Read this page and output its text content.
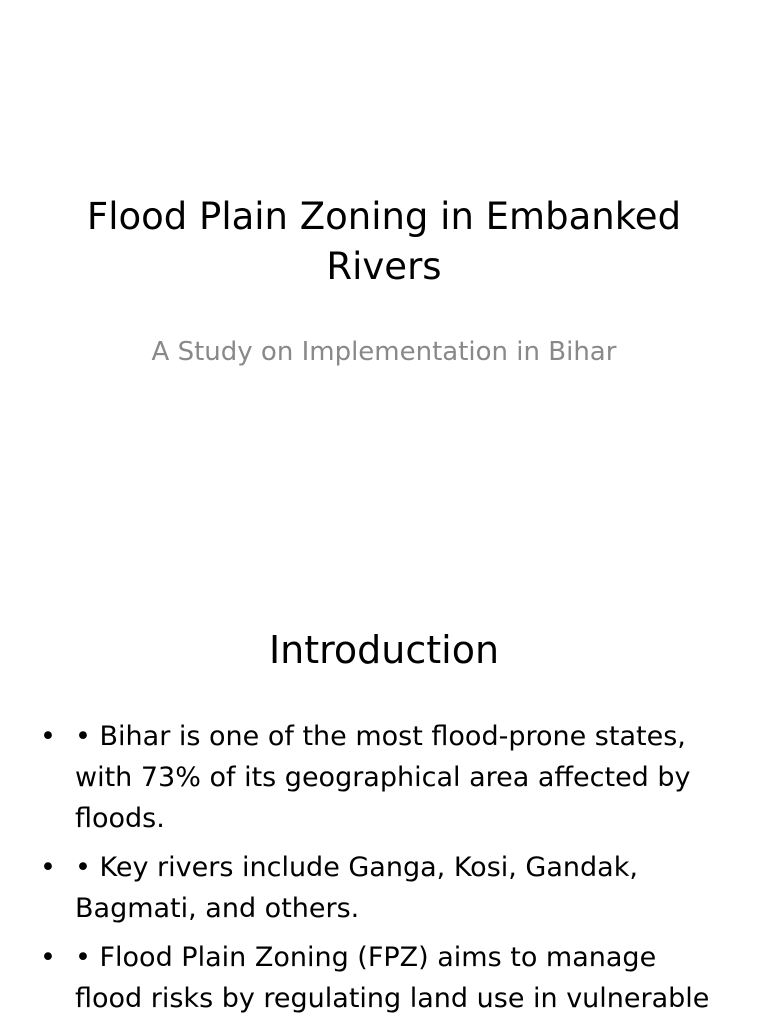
Flood Plain Zoning in Embanked Rivers
A Study on Implementation in Bihar
Introduction
• • Bihar is one of the most flood-prone states, with 73% of its geographical area affected by floods.
• • Key rivers include Ganga, Kosi, Gandak, Bagmati, and others.
• • Flood Plain Zoning (FPZ) aims to manage flood risks by regulating land use in vulnerable
